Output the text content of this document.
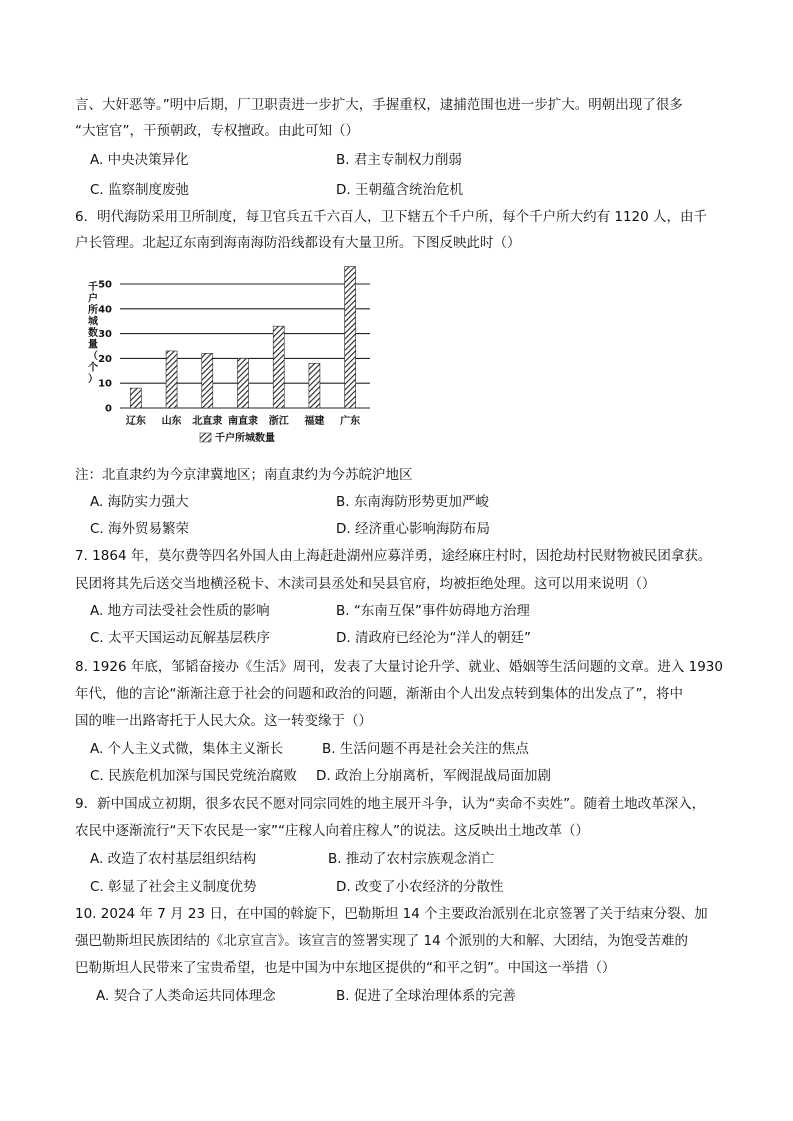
言、大奸恶等。”明中后期，厂卫职责进一步扩大，手握重权，逮捕范围也进一步扩大。明朝出现了很多
“大宦官”，干预朝政，专权擅政。由此可知（）
A. 中央决策异化	B. 君主专制权力削弱
C. 监察制度废弛	D. 王朝蕴含统治危机
6．明代海防采用卫所制度，每卫官兵五千六百人，卫下辖五个千户所，每个千户所大约有 1120 人，由千
户长管理。北起辽东南到海南海防沿线都设有大量卫所。下图反映此时（）
千户所城数量（个）
0
10
20
30
40
50
辽东 山东 北直隶 南直隶 浙江 福建 广东
千户所城数量
注：北直隶约为今京津冀地区；南直隶约为今苏皖沪地区
A. 海防实力强大	B. 东南海防形势更加严峻
C. 海外贸易繁荣	D. 经济重心影响海防布局
7. 1864 年，莫尔费等四名外国人由上海赶赴湖州应募洋勇，途经麻庄村时，因抢劫村民财物被民团拿获。
民团将其先后送交当地横泾税卡、木渎司县丞处和吴县官府，均被拒绝处理。这可以用来说明（）
A. 地方司法受社会性质的影响	B. “东南互保”事件妨碍地方治理
C. 太平天国运动瓦解基层秩序	D. 清政府已经沦为“洋人的朝廷”
8. 1926 年底，邹韬奋接办《生活》周刊，发表了大量讨论升学、就业、婚姻等生活问题的文章。进入 1930
年代，他的言论“渐渐注意于社会的问题和政治的问题，渐渐由个人出发点转到集体的出发点了”，将中
国的唯一出路寄托于人民大众。这一转变缘于（）
A. 个人主义式微，集体主义渐长	B. 生活问题不再是社会关注的焦点
C. 民族危机加深与国民党统治腐败 D. 政治上分崩离析，军阀混战局面加剧
9．新中国成立初期，很多农民不愿对同宗同姓的地主展开斗争，认为“卖命不卖姓”。随着土地改革深入，
农民中逐渐流行“天下农民是一家”“庄稼人向着庄稼人”的说法。这反映出土地改革（）
A. 改造了农村基层组织结构	B. 推动了农村宗族观念消亡
C. 彰显了社会主义制度优势	D. 改变了小农经济的分散性
10. 2024 年 7 月 23 日，在中国的斡旋下，巴勒斯坦 14 个主要政治派别在北京签署了关于结束分裂、加
强巴勒斯坦民族团结的《北京宣言》。该宣言的签署实现了 14 个派别的大和解、大团结，为饱受苦难的
巴勒斯坦人民带来了宝贵希望，也是中国为中东地区提供的“和平之钥”。中国这一举措（）
A. 契合了人类命运共同体理念	B. 促进了全球治理体系的完善
